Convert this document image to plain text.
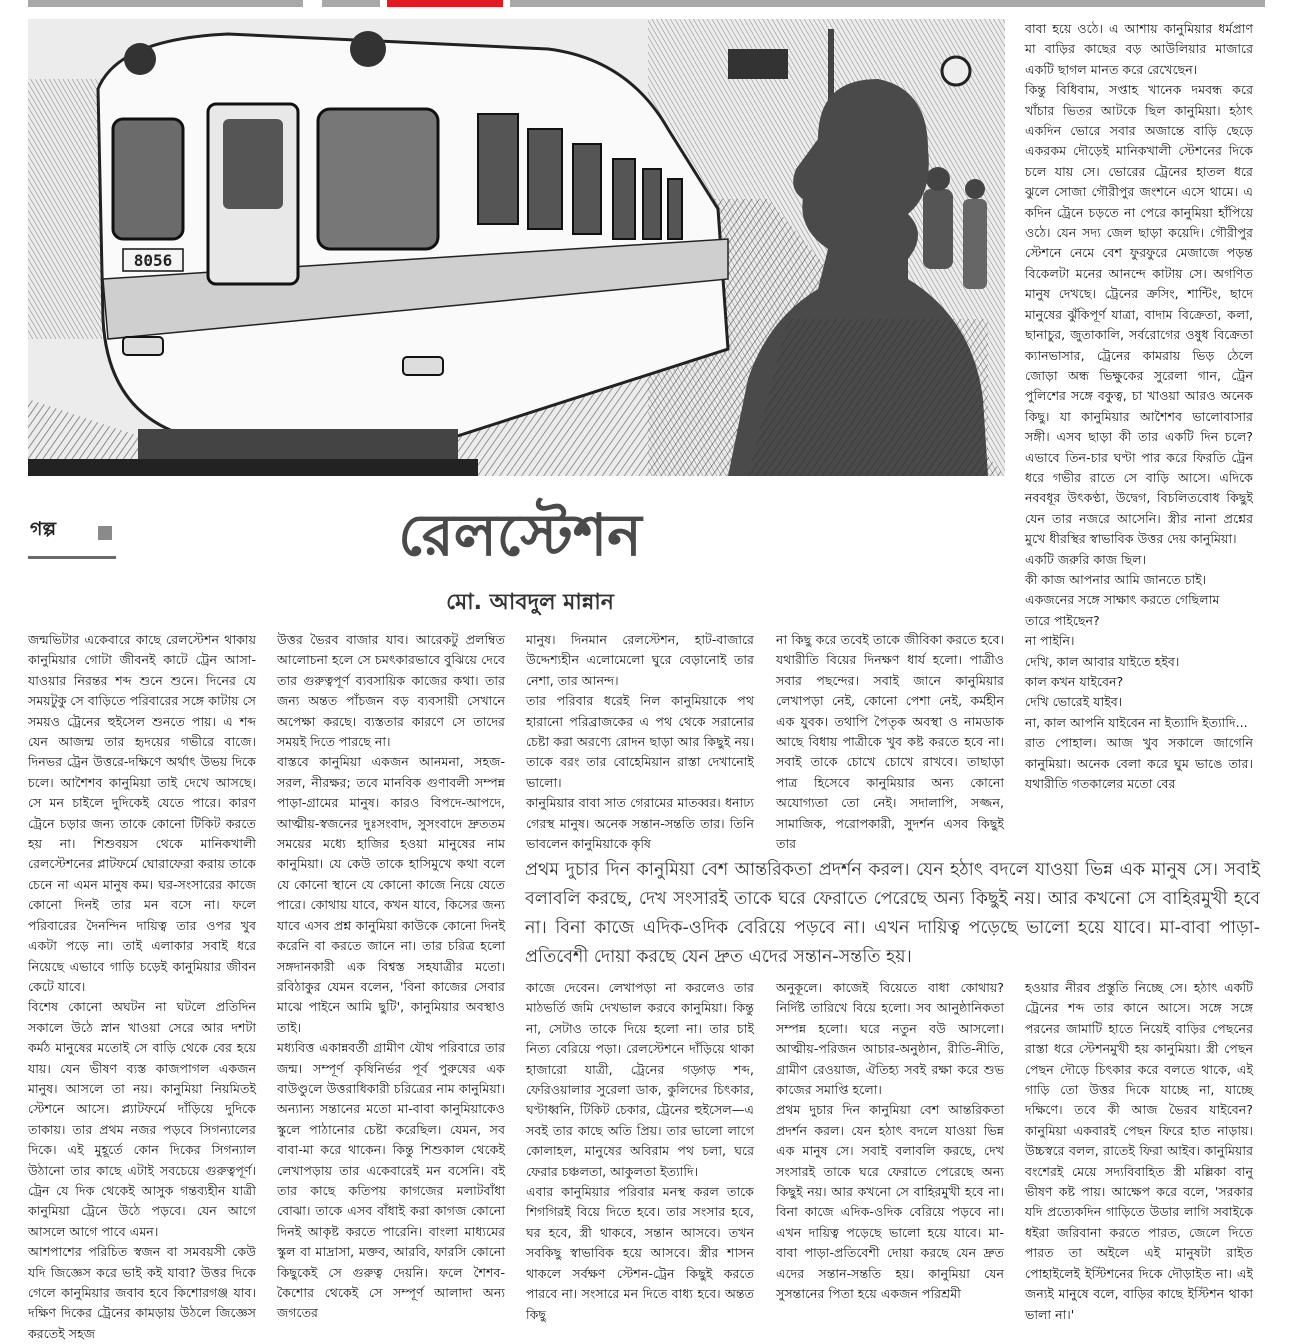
8056

বাবা হয়ে ওঠে। এ আশায় কানুমিয়ার ধর্মপ্রাণ মা বাড়ির কাছের বড় আউলিয়ার মাজারে একটি ছাগল মানত করে রেখেছেন।

কিন্তু বিধিবাম, সপ্তাহ খানেক দমবন্ধ করে খাঁচার ভিতর আটকে ছিল কানুমিয়া। হঠাৎ একদিন ভোরে সবার অজান্তে বাড়ি ছেড়ে একরকম দৌড়েই মানিকখালী স্টেশনের দিকে চলে যায় সে। ভোরের ট্রেনের হাতল ধরে ঝুলে সোজা গৌরীপুর জংশনে এসে থামে। এ কদিন ট্রেনে চড়তে না পেরে কানুমিয়া হাঁপিয়ে ওঠে। যেন সদ্য জেল ছাড়া কয়েদি। গৌরীপুর স্টেশনে নেমে বেশ ফুরফুরে মেজাজে পড়ন্ত বিকেলটা মনের আনন্দে কাটায় সে। অগণিত মানুষ দেখছে। ট্রেনের ক্রসিং, শান্টিং, ছাদে মানুষের ঝুঁকিপূর্ণ যাত্রা, বাদাম বিক্রেতা, কলা, ছানাচুর, জুতাকালি, সর্বরোগের ওষুধ বিক্রেতা ক্যানভাসার, ট্রেনের কামরায় ভিড় ঠেলে জোড়া অন্ধ ভিক্ষুকের সুরেলা গান, ট্রেন পুলিশের সঙ্গে বকুত্ব, চা খাওয়া আরও অনেক কিছু। যা কানুমিয়ার আশৈশব ভালোবাসার সঙ্গী। এসব ছাড়া কী তার একটি দিন চলে? এভাবে তিন-চার ঘণ্টা পার করে ফিরতি ট্রেন ধরে গভীর রাতে সে বাড়ি আসে। এদিকে নববধূর উৎকণ্ঠা, উদ্বেগ, বিচলিতবোধ কিছুই যেন তার নজরে আসেনি। স্ত্রীর নানা প্রশ্নের মুখে ধীরস্থির স্বাভাবিক উত্তর দেয় কানুমিয়া।

একটি জরুরি কাজ ছিল।

কী কাজ আপনার আমি জানতে চাই।

একজনের সঙ্গে সাক্ষাৎ করতে গেছিলাম

তারে পাইছেন?

না পাইনি।

দেখি, কাল আবার যাইতে হইব।

কাল কখন যাইবেন?

দেখি ভোরেই যাইব।

না, কাল আপনি যাইবেন না ইত্যাদি ইত্যাদি...

রাত পোহাল। আজ খুব সকালে জাগেনি কানুমিয়া। অনেক বেলা করে ঘুম ভাঙে তার। যথারীতি গতকালের মতো বের

গল্প	রেলস্টেশন
মো. আবদুল মান্নান

জন্মভিটার একেবারে কাছে রেলস্টেশন থাকায় কানুমিয়ার গোটা জীবনই কাটে ট্রেন আসা-যাওয়ার নিরন্তর শব্দ শুনে শুনে। দিনের যে সময়টুকু সে বাড়িতে পরিবারের সঙ্গে কাটায় সে সময়ও ট্রেনের হুইসেল শুনতে পায়। এ শব্দ যেন আজন্ম তার হৃদয়ের গভীরে বাজে। দিনভর ট্রেন উত্তরে-দক্ষিণে অর্থাৎ উভয় দিকে চলে। আশৈশব কানুমিয়া তাই দেখে আসছে। সে মন চাইলে দুদিকেই যেতে পারে। কারণ ট্রেনে চড়ার জন্য তাকে কোনো টিকিট করতে হয় না। শিশুবয়স থেকে মানিকখালী রেলস্টেশনের প্লাটফর্মে ঘোরাফেরা করায় তাকে চেনে না এমন মানুষ কম। ঘর-সংসারের কাজে কোনো দিনই তার মন বসে না। ফলে পরিবারের দৈনন্দিন দায়িত্ব তার ওপর খুব একটা পড়ে না। তাই এলাকার সবাই ধরে নিয়েছে এভাবে গাড়ি চড়েই কানুমিয়ার জীবন কেটে যাবে।

বিশেষ কোনো অঘটন না ঘটলে প্রতিদিন সকালে উঠে স্নান খাওয়া সেরে আর দশটা কর্মঠ মানুষের মতোই সে বাড়ি থেকে বের হয়ে যায়। যেন ভীষণ ব্যস্ত কাজপাগল একজন মানুষ। আসলে তা নয়। কানুমিয়া নিয়মিতই স্টেশনে আসে। প্ল্যাটফর্মে দাঁড়িয়ে দুদিকে তাকায়। তার প্রথম নজর পড়বে সিগন্যালের দিকে। এই মুহূর্তে কোন দিকের সিগন্যাল উঠানো তার কাছে এটাই সবচেয়ে গুরুত্বপূর্ণ। ট্রেন যে দিক থেকেই আসুক গন্তব্যহীন যাত্রী কানুমিয়া ট্রেনে উঠে পড়বে। যেন আগে আসলে আগে পাবে এমন।

আশপাশের পরিচিত স্বজন বা সমবয়সী কেউ যদি জিজ্ঞেস করে ভাই কই যাবা? উত্তর দিকে গেলে কানুমিয়ার জবাব হবে কিশোরগঞ্জ যাব। দক্ষিণ দিকের ট্রেনের কামড়ায় উঠলে জিজ্ঞেস করতেই সহজ

উত্তর ভৈরব বাজার যাব। আরেকটু প্রলম্বিত আলোচনা হলে সে চমৎকারভাবে বুঝিয়ে দেবে তার গুরুত্বপূর্ণ ব্যবসায়িক কাজের কথা। তার জন্য অন্তত পাঁচজন বড় ব্যবসায়ী সেখানে অপেক্ষা করছে। ব্যস্ততার কারণে সে তাদের সময়ই দিতে পারছে না।

বাস্তবে কানুমিয়া একজন আনমনা, সহজ-সরল, নীরক্ষর; তবে মানবিক গুণাবলী সম্পন্ন পাড়া-গ্রামের মানুষ। কারও বিপদে-আপদে, আত্মীয়-স্বজনের দুঃসংবাদ, সুসংবাদে দ্রুততম সময়ের মধ্যে হাজির হওয়া মানুষের নাম কানুমিয়া। যে কেউ তাকে হাসিমুখে কথা বলে যে কোনো স্থানে যে কোনো কাজে নিয়ে যেতে পারে। কোথায় যাবে, কখন যাবে, কিসের জন্য যাবে এসব প্রশ্ন কানুমিয়া কাউকে কোনো দিনই করেনি বা করতে জানে না। তার চরিত্র হলো সঙ্গদানকারী এক বিশ্বস্ত সহযাত্রীর মতো। রবিঠাকুর যেমন বলেন, 'বিনা কাজের সেবার মাঝে পাইনে আমি ছুটি', কানুমিয়ার অবস্থাও তাই।

মধ্যবিত্ত একান্নবর্তী গ্রামীণ যৌথ পরিবারে তার জন্ম। সম্পূর্ণ কৃষিনির্ভর পূর্ব পুরুষের এক বাউণ্ডুলে উত্তরাধিকারী চরিত্রের নাম কানুমিয়া। অন্যান্য সন্তানের মতো মা-বাবা কানুমিয়াকেও স্কুলে পাঠানোর চেষ্টা করেছিল। যেমন, সব বাবা-মা করে থাকেন। কিন্তু শিশুকাল থেকেই লেখাপড়ায় তার একেবারেই মন বসেনি। বই তার কাছে কতিপয় কাগজের মলাটবাঁধা বোঝা। তাকে এসব বাঁধাই করা কাগজ কোনো দিনই আকৃষ্ট করতে পারেনি। বাংলা মাধ্যমের স্কুল বা মাদ্রাসা, মক্তব, আরবি, ফারসি কোনো কিছুকেই সে গুরুত্ব দেয়নি। ফলে শৈশব-কৈশোর থেকেই সে সম্পূর্ণ আলাদা অন্য জগতের

মানুষ। দিনমান রেলস্টেশন, হাট-বাজারে উদ্দেশ্যহীন এলোমেলো ঘুরে বেড়ানোই তার নেশা, তার আনন্দ।

তার পরিবার ধরেই নিল কানুমিয়াকে পথ হারানো পরিব্রাজকের এ পথ থেকে সরানোর চেষ্টা করা অরণ্যে রোদন ছাড়া আর কিছুই নয়। তাকে বরং তার বোহেমিয়ান রাস্তা দেখানোই ভালো।

কানুমিয়ার বাবা সাত গেরামের মাতব্বর। ধনাঢ্য গেরস্থ মানুষ। অনেক সন্তান-সন্ততি তার। তিনি ভাবলেন কানুমিয়াকে কৃষি

না কিছু করে তবেই তাকে জীবিকা করতে হবে। যথারীতি বিয়ের দিনক্ষণ ধার্য হলো। পাত্রীও সবার পছন্দের। সবাই জানে কানুমিয়ার লেখাপড়া নেই, কোনো পেশা নেই, কর্মহীন এক যুবক। তথাপি পৈতৃক অবস্থা ও নামডাক আছে বিধায় পাত্রীকে খুব কষ্ট করতে হবে না। সবাই তাকে চোখে চোখে রাখবে। তাছাড়া পাত্র হিসেবে কানুমিয়ার অন্য কোনো অযোগ্যতা তো নেই। সদালাপি, সজ্জন, সামাজিক, পরোপকারী, সুদর্শন এসব কিছুই তার

প্রথম দুচার দিন কানুমিয়া বেশ আন্তরিকতা প্রদর্শন করল। যেন হঠাৎ বদলে যাওয়া ভিন্ন এক মানুষ সে। সবাই বলাবলি করছে, দেখ সংসারই তাকে ঘরে ফেরাতে পেরেছে অন্য কিছুই নয়। আর কখনো সে বাহিরমুখী হবে না। বিনা কাজে এদিক-ওদিক বেরিয়ে পড়বে না। এখন দায়িত্ব পড়েছে ভালো হয়ে যাবে। মা-বাবা পাড়া-প্রতিবেশী দোয়া করছে যেন দ্রুত এদের সন্তান-সন্ততি হয়।

কাজে দেবেন। লেখাপড়া না করলেও তার মাঠভর্তি জমি দেখভাল করবে কানুমিয়া। কিন্তু না, সেটাও তাকে দিয়ে হলো না। তার চাই নিত্য বেরিয়ে পড়া। রেলস্টেশনে দাঁড়িয়ে থাকা হাজারো যাত্রী, ট্রেনের গড়্গড় শব্দ, ফেরিওয়ালার সুরেলা ডাক, কুলিদের চিৎকার, ঘণ্টাধ্বনি, টিকিট চেকার, ট্রেনের হুইসেল—এ সবই তার কাছে অতি প্রিয়। তার ভালো লাগে কোলাহল, মানুষের অবিরাম পথ চলা, ঘরে ফেরার চঞ্চলতা, আকুলতা ইত্যাদি।

এবার কানুমিয়ার পরিবার মনস্থ করল তাকে শিগগিরই বিয়ে দিতে হবে। তার সংসার হবে, ঘর হবে, স্ত্রী থাকবে, সন্তান আসবে। তখন সবকিছু স্বাভাবিক হয়ে আসবে। স্ত্রীর শাসন থাকলে সর্বক্ষণ স্টেশন-ট্রেন কিছুই করতে পারবে না। সংসারে মন দিতে বাধ্য হবে। অন্তত কিছু

অনুকূলে। কাজেই বিয়েতে বাধা কোথায়? নির্দিষ্ট তারিখে বিয়ে হলো। সব আনুষ্ঠানিকতা সম্পন্ন হলো। ঘরে নতুন বউ আসলো। আত্মীয়-পরিজন আচার-অনুষ্ঠান, রীতি-নীতি, গ্রামীণ রেওয়াজ, ঐতিহ্য সবই রক্ষা করে শুভ কাজের সমাপ্তি হলো।

প্রথম দুচার দিন কানুমিয়া বেশ আন্তরিকতা প্রদর্শন করল। যেন হঠাৎ বদলে যাওয়া ভিন্ন এক মানুষ সে। সবাই বলাবলি করছে, দেখ সংসারই তাকে ঘরে ফেরাতে পেরেছে অন্য কিছুই নয়। আর কখনো সে বাহিরমুখী হবে না। বিনা কাজে এদিক-ওদিক বেরিয়ে পড়বে না। এখন দায়িত্ব পড়েছে ভালো হয়ে যাবে। মা-বাবা পাড়া-প্রতিবেশী দোয়া করছে যেন দ্রুত এদের সন্তান-সন্ততি হয়। কানুমিয়া যেন সুসন্তানের পিতা হয়ে একজন পরিশ্রমী

হওয়ার নীরব প্রস্তুতি নিচ্ছে সে। হঠাৎ একটি ট্রেনের শব্দ তার কানে আসে। সঙ্গে সঙ্গে পরনের জামাটি হাতে নিয়েই বাড়ির পেছনের রাস্তা ধরে স্টেশনমুখী হয় কানুমিয়া। স্ত্রী পেছন পেছন দৌড়ে চিৎকার করে বলতে থাকে, এই গাড়ি তো উত্তর দিকে যাচ্ছে না, যাচ্ছে দক্ষিণে। তবে কী আজ ভৈরব যাইবেন? কানুমিয়া একবারই পেছন ফিরে হাত নাড়ায়। উচ্চস্বরে বলল, রাতেই ফিরা আইব। কানুমিয়ার বংশেরই মেয়ে সদ্যবিবাহিত স্ত্রী মল্লিকা বানু ভীষণ কষ্ট পায়। আক্ষেপ করে বলে, 'সরকার যদি প্রত্যেকদিন গাড়িতে উডার লাগি সবাইকে ধইরা জরিবানা করতে পারত, জেলে দিতে পারত তা অইলে এই মানুষটা রাইত পোহাইলেই ইস্টিশনের দিকে দৌড়াইত না। এই জন্যই মানুষে বলে, বাড়ির কাছে ইস্টিশন থাকা ভালা না।'
